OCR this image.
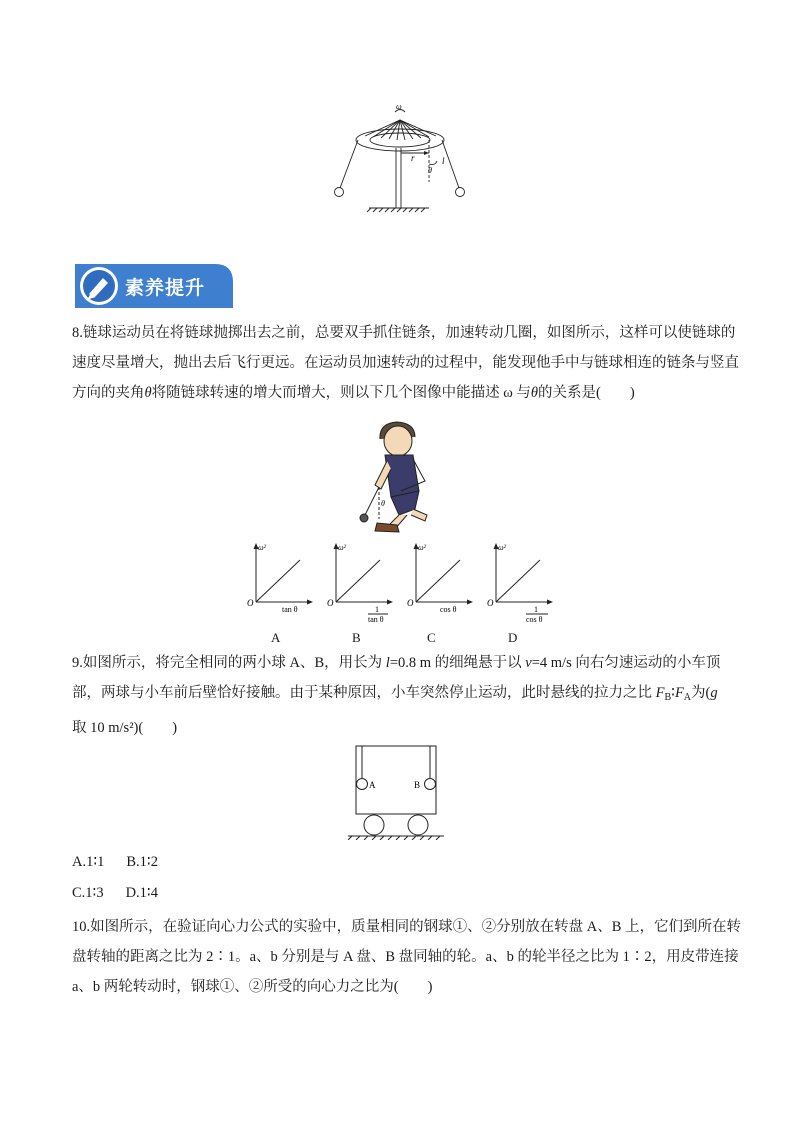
ω
r
θ
l
素养提升
8.链球运动员在将链球抛掷出去之前，总要双手抓住链条，加速转动几圈，如图所示，这样可以使链球的
速度尽量增大，抛出去后飞行更远。在运动员加速转动的过程中，能发现他手中与链球相连的链条与竖直
方向的夹角θ将随链球转速的增大而增大，则以下几个图像中能描述 ω 与θ的关系是(　　)
θ
ω²
O
tan θ
ω²
O
1
tan θ
ω²
O
cos θ
ω²
O
1
cos θ
A	B	C	D
9.如图所示，将完全相同的两小球 A、B，用长为 l=0.8 m 的细绳悬于以 v=4 m/s 向右匀速运动的小车顶
部，两球与小车前后壁恰好接触。由于某种原因，小车突然停止运动，此时悬线的拉力之比 $F_B∶F_A$为(g
取 10 m/s²)(　　)
A	B
A.1∶1 B.1∶2
C.1∶3 D.1∶4
10.如图所示，在验证向心力公式的实验中，质量相同的钢球①、②分别放在转盘 A、B 上，它们到所在转
盘转轴的距离之比为 2∶1。a、b 分别是与 A 盘、B 盘同轴的轮。a、b 的轮半径之比为 1∶2，用皮带连接
a、b 两轮转动时，钢球①、②所受的向心力之比为(　　)
